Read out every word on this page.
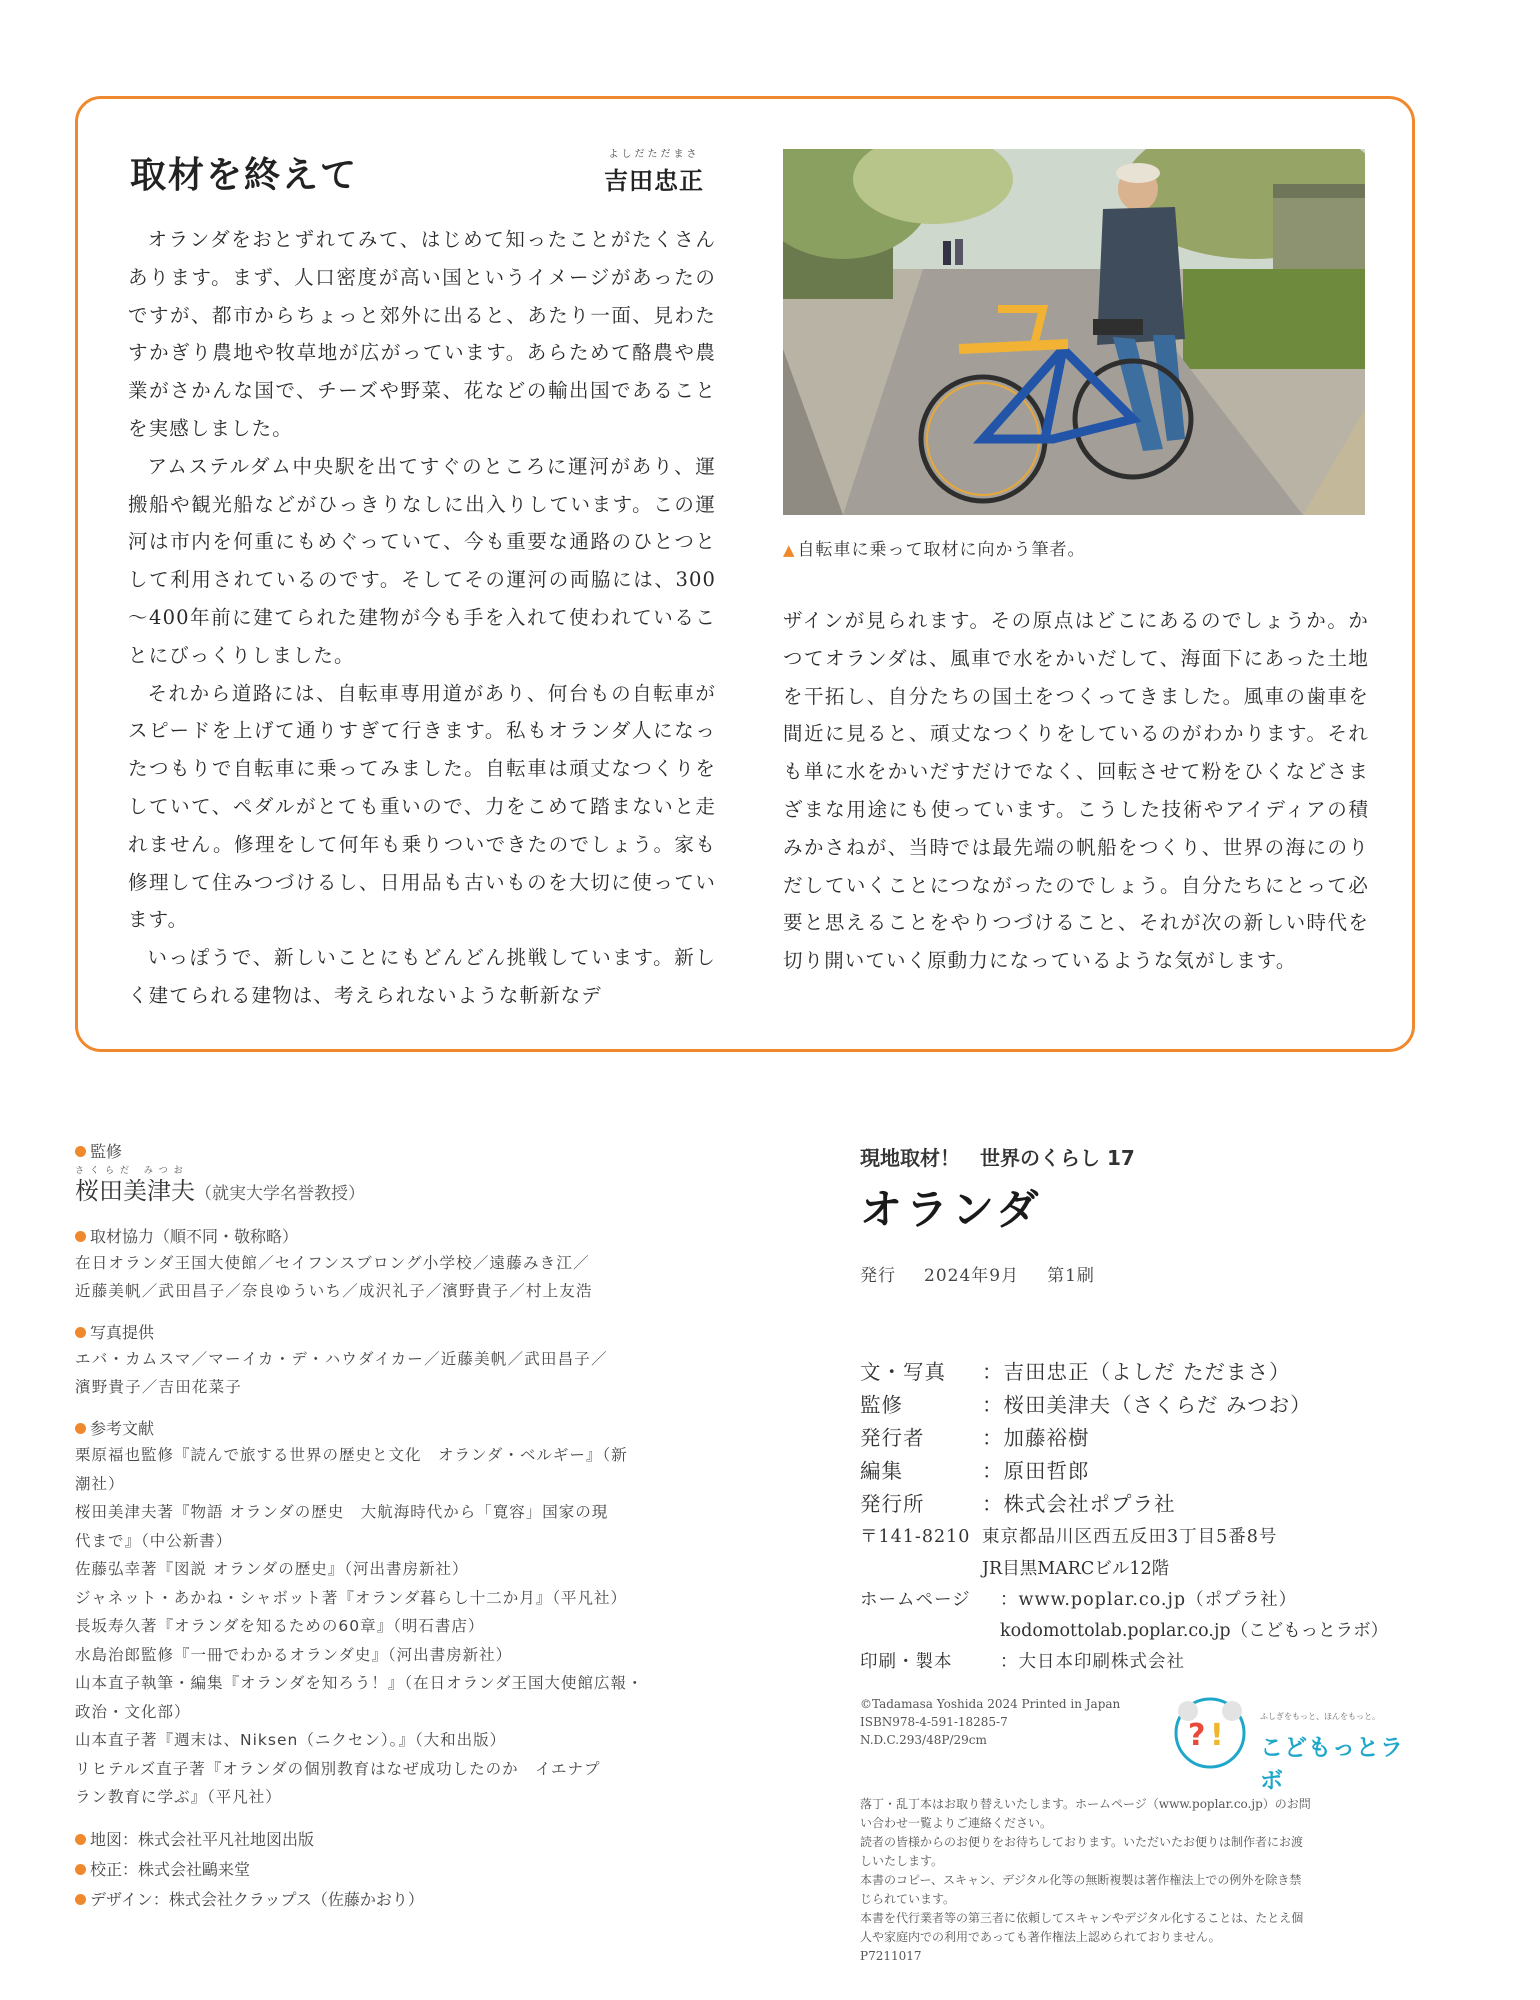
取材を終えて
よしだただまさ
吉田忠正

オランダをおとずれてみて、はじめて知ったことがたくさんあります。まず、人口密度が高い国というイメージがあったのですが、都市からちょっと郊外に出ると、あたり一面、見わたすかぎり農地や牧草地が広がっています。あらためて酪農や農業がさかんな国で、チーズや野菜、花などの輸出国であることを実感しました。

アムステルダム中央駅を出てすぐのところに運河があり、運搬船や観光船などがひっきりなしに出入りしています。この運河は市内を何重にもめぐっていて、今も重要な通路のひとつとして利用されているのです。そしてその運河の両脇には、300～400年前に建てられた建物が今も手を入れて使われていることにびっくりしました。

それから道路には、自転車専用道があり、何台もの自転車がスピードを上げて通りすぎて行きます。私もオランダ人になったつもりで自転車に乗ってみました。自転車は頑丈なつくりをしていて、ペダルがとても重いので、力をこめて踏まないと走れません。修理をして何年も乗りついできたのでしょう。家も修理して住みつづけるし、日用品も古いものを大切に使っています。

いっぽうで、新しいことにもどんどん挑戦しています。新しく建てられる建物は、考えられないような斬新なデ

▲ 自転車に乗って取材に向かう筆者。

ザインが見られます。その原点はどこにあるのでしょうか。かつてオランダは、風車で水をかいだして、海面下にあった土地を干拓し、自分たちの国土をつくってきました。風車の歯車を間近に見ると、頑丈なつくりをしているのがわかります。それも単に水をかいだすだけでなく、回転させて粉をひくなどさまざまな用途にも使っています。こうした技術やアイディアの積みかさねが、当時では最先端の帆船をつくり、世界の海にのりだしていくことにつながったのでしょう。自分たちにとって必要と思えることをやりつづけること、それが次の新しい時代を切り開いていく原動力になっているような気がします。

監修

さくらだ みつお

桜田美津夫（就実大学名誉教授）

取材協力（順不同・敬称略）

在日オランダ王国大使館／セイフンスブロング小学校／遠藤みき江／

近藤美帆／武田昌子／奈良ゆういち／成沢礼子／濱野貴子／村上友浩

写真提供

エバ・カムスマ／マーイカ・デ・ハウダイカー／近藤美帆／武田昌子／

濱野貴子／吉田花菜子

参考文献

栗原福也監修『読んで旅する世界の歴史と文化　オランダ・ベルギー』（新

潮社）

桜田美津夫著『物語 オランダの歴史　大航海時代から「寛容」国家の現

代まで』（中公新書）

佐藤弘幸著『図説 オランダの歴史』（河出書房新社）

ジャネット・あかね・シャボット著『オランダ暮らし十二か月』（平凡社）

長坂寿久著『オランダを知るための60章』（明石書店）

水島治郎監修『一冊でわかるオランダ史』（河出書房新社）

山本直子執筆・編集『オランダを知ろう！』（在日オランダ王国大使館広報・

政治・文化部）

山本直子著『週末は、Niksen（ニクセン）。』（大和出版）

リヒテルズ直子著『オランダの個別教育はなぜ成功したのか　イエナプ

ラン教育に学ぶ』（平凡社）

地図：株式会社平凡社地図出版

校正：株式会社鷗来堂

デザイン：株式会社クラップス（佐藤かおり）

現地取材！　世界のくらし 17

オランダ

発行 2024年9月 第1刷

文・写真	：吉田忠正（よしだ ただまさ）
監修	：桜田美津夫（さくらだ みつお）
発行者	：加藤裕樹
編集	：原田哲郎
発行所	：株式会社ポプラ社
〒141-8210 東京都品川区西五反田3丁目5番8号
JR目黒MARCビル12階
ホームページ	：www.poplar.co.jp（ポプラ社）
kodomottolab.poplar.co.jp（こどもっとラボ）
印刷・製本	：大日本印刷株式会社
©Tadamasa Yoshida 2024 Printed in Japan
ISBN978-4-591-18285-7
N.D.C.293/48P/29cm	? !
ふしぎをもっと、ほんをもっと。
こどもっとラボ

落丁・乱丁本はお取り替えいたします。ホームページ（www.poplar.co.jp）のお問

い合わせ一覧よりご連絡ください。

読者の皆様からのお便りをお待ちしております。いただいたお便りは制作者にお渡

しいたします。

本書のコピー、スキャン、デジタル化等の無断複製は著作権法上での例外を除き禁

じられています。

本書を代行業者等の第三者に依頼してスキャンやデジタル化することは、たとえ個

人や家庭内での利用であっても著作権法上認められておりません。

P7211017
